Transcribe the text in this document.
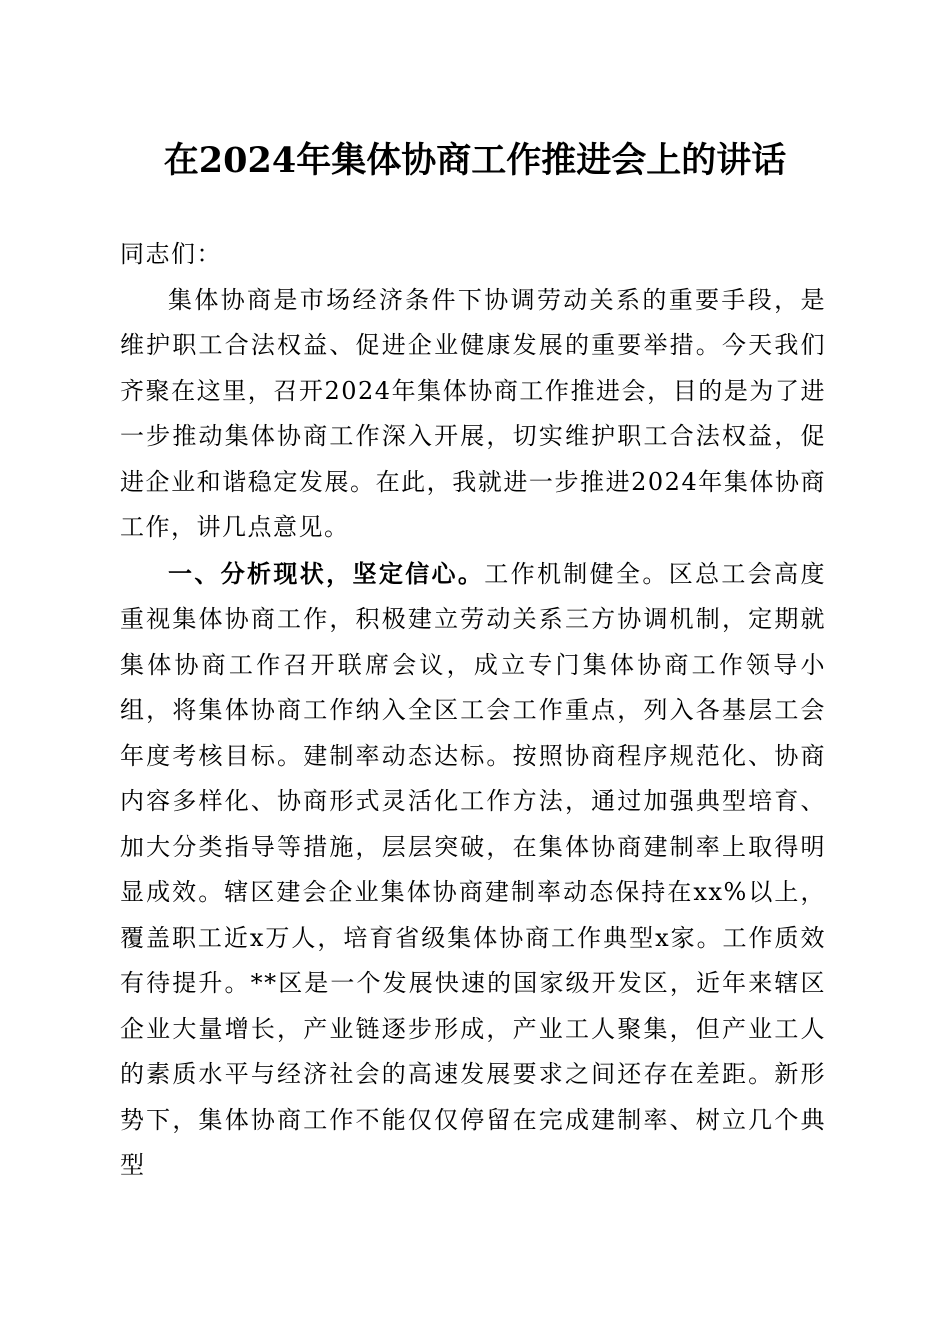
在2024年集体协商工作推进会上的讲话

同志们：

集体协商是市场经济条件下协调劳动关系的重要手段，是维护职工合法权益、促进企业健康发展的重要举措。今天我们齐聚在这里，召开2024年集体协商工作推进会，目的是为了进一步推动集体协商工作深入开展，切实维护职工合法权益，促进企业和谐稳定发展。在此，我就进一步推进2024年集体协商工作，讲几点意见。

一、分析现状，坚定信心。工作机制健全。区总工会高度重视集体协商工作，积极建立劳动关系三方协调机制，定期就集体协商工作召开联席会议，成立专门集体协商工作领导小组，将集体协商工作纳入全区工会工作重点，列入各基层工会年度考核目标。建制率动态达标。按照协商程序规范化、协商内容多样化、协商形式灵活化工作方法，通过加强典型培育、加大分类指导等措施，层层突破，在集体协商建制率上取得明显成效。辖区建会企业集体协商建制率动态保持在xx%以上，覆盖职工近x万人，培育省级集体协商工作典型x家。工作质效有待提升。**区是一个发展快速的国家级开发区，近年来辖区企业大量增长，产业链逐步形成，产业工人聚集，但产业工人的素质水平与经济社会的高速发展要求之间还存在差距。新形势下，集体协商工作不能仅仅停留在完成建制率、树立几个典型
